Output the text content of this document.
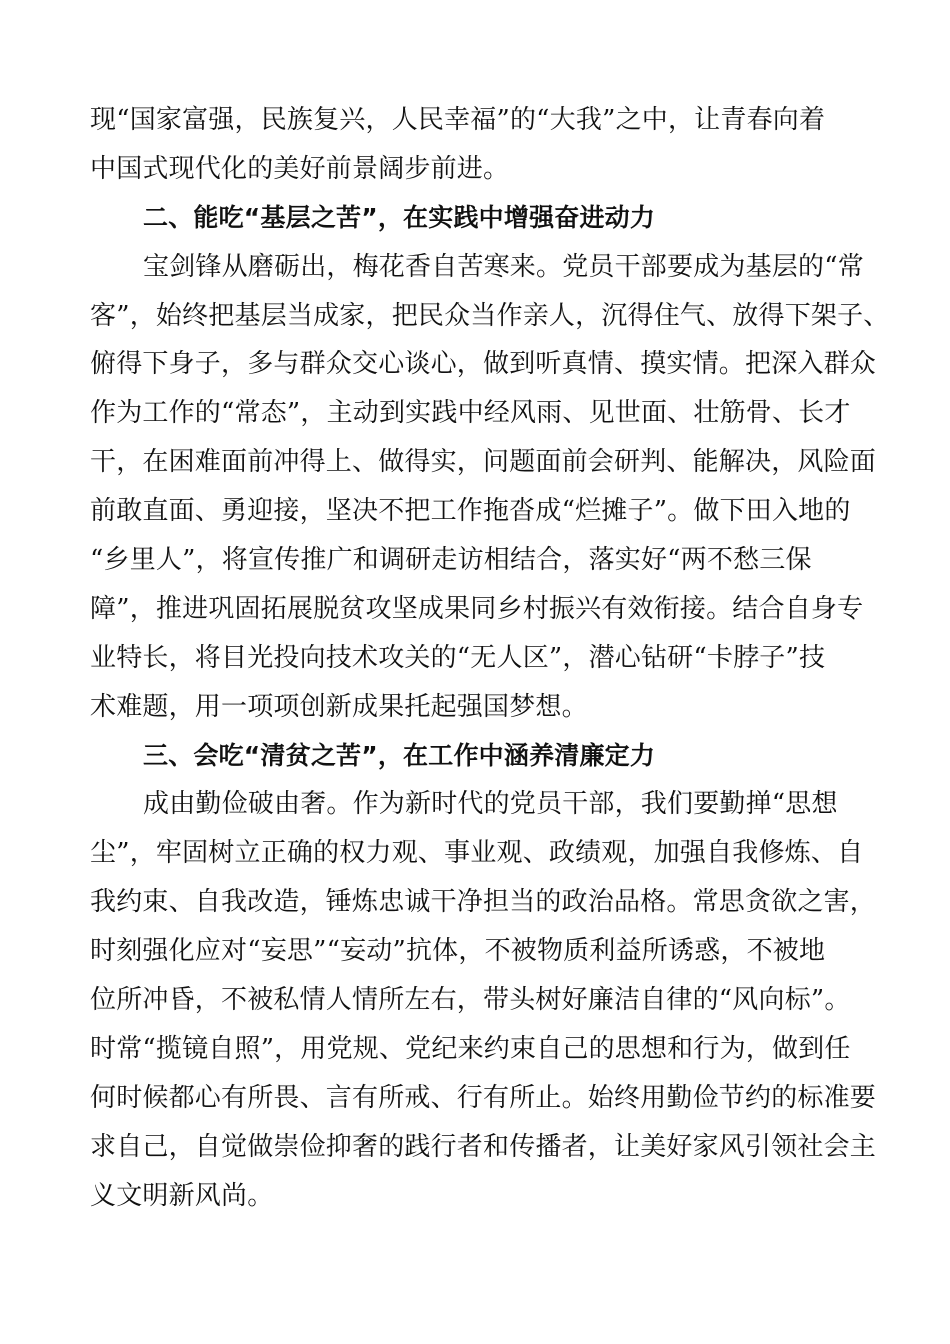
现“国家富强，民族复兴，人民幸福”的“大我”之中，让青春向着
中国式现代化的美好前景阔步前进。
二、能吃“基层之苦”，在实践中增强奋进动力
宝剑锋从磨砺出，梅花香自苦寒来。党员干部要成为基层的“常
客”，始终把基层当成家，把民众当作亲人，沉得住气、放得下架子、
俯得下身子，多与群众交心谈心，做到听真情、摸实情。把深入群众
作为工作的“常态”，主动到实践中经风雨、见世面、壮筋骨、长才
干，在困难面前冲得上、做得实，问题面前会研判、能解决，风险面
前敢直面、勇迎接，坚决不把工作拖沓成“烂摊子”。做下田入地的
“乡里人”，将宣传推广和调研走访相结合，落实好“两不愁三保
障”，推进巩固拓展脱贫攻坚成果同乡村振兴有效衔接。结合自身专
业特长，将目光投向技术攻关的“无人区”，潜心钻研“卡脖子”技
术难题，用一项项创新成果托起强国梦想。
三、会吃“清贫之苦”，在工作中涵养清廉定力
成由勤俭破由奢。作为新时代的党员干部，我们要勤掸“思想
尘”，牢固树立正确的权力观、事业观、政绩观，加强自我修炼、自
我约束、自我改造，锤炼忠诚干净担当的政治品格。常思贪欲之害，
时刻强化应对“妄思”“妄动”抗体，不被物质利益所诱惑，不被地
位所冲昏，不被私情人情所左右，带头树好廉洁自律的“风向标”。
时常“揽镜自照”，用党规、党纪来约束自己的思想和行为，做到任
何时候都心有所畏、言有所戒、行有所止。始终用勤俭节约的标准要
求自己，自觉做崇俭抑奢的践行者和传播者，让美好家风引领社会主
义文明新风尚。
